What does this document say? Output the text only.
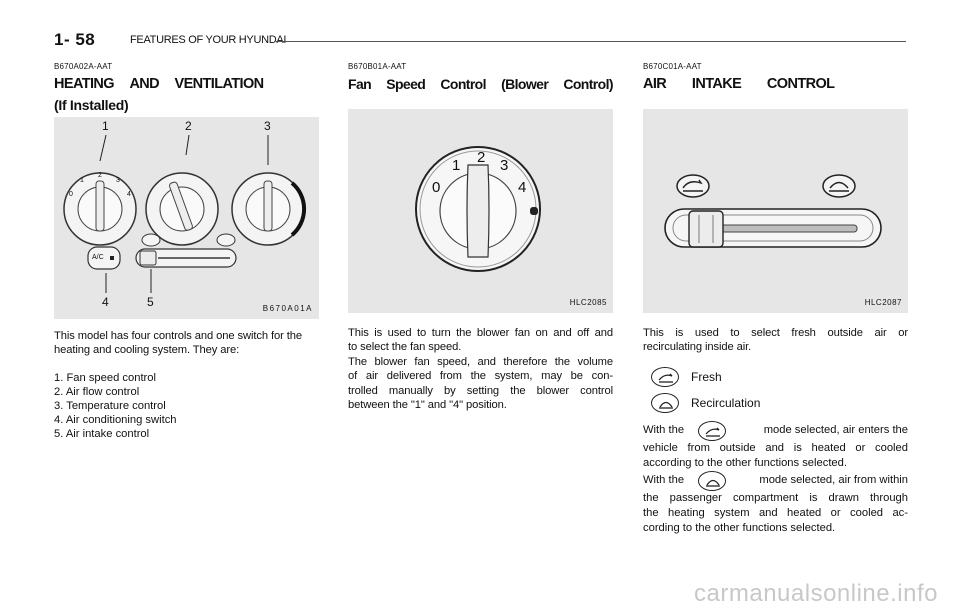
1- 58	FEATURES OF YOUR HYUNDAI
B670A02A-AAT
HEATING AND VENTILATION
(If Installed)
1	2	3
4	5
0
1
2
3
4
A/C
B670A01A

This model has four controls and one switch for the heating and cooling system. They are:

1. Fan speed control
2. Air flow control
3. Temperature control
4. Air conditioning switch
5. Air intake control
B670B01A-AAT
Fan Speed Control (Blower Control)
0
1 2 3
4
HLC2085
This is used to turn the blower fan on and off and
to select the fan speed.
The blower fan speed, and therefore the volume
of air delivered from the system, may be con-
trolled manually by setting the blower control
between the "1" and "4" position.
B670C01A-AAT
AIR INTAKE CONTROL
HLC2087
This is used to select fresh outside air or
recirculating inside air.
Fresh
Recirculation
With the	mode selected, air enters the
vehicle from outside and is heated or cooled
according to the other functions selected.
With the	mode selected, air from within
the passenger compartment is drawn through
the heating system and heated or cooled ac-
cording to the other functions selected.
carmanualsonline.info
